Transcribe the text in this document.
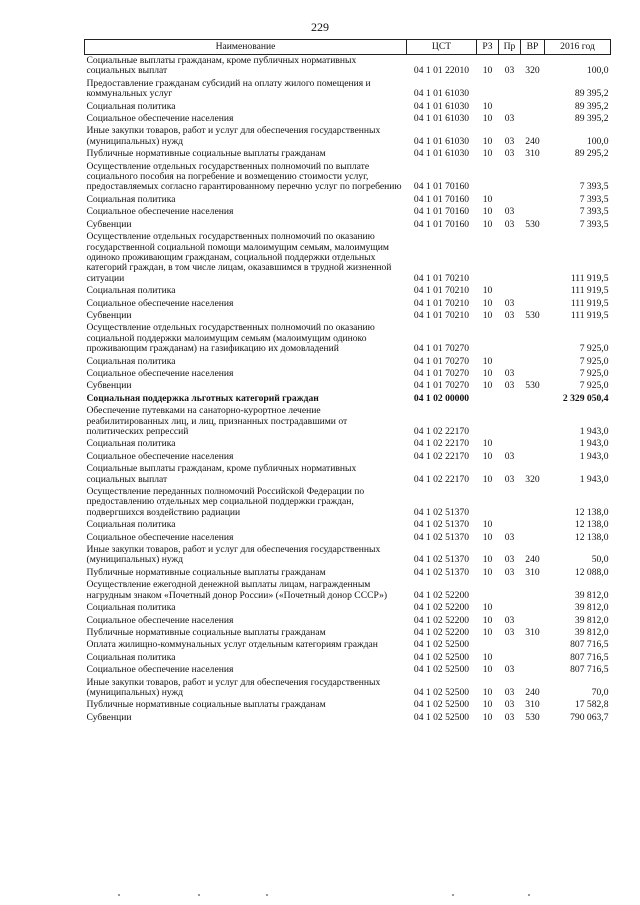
229
Наименование	ЦСТ	РЗ	Пр	ВР	2016 год
Социальные выплаты гражданам, кроме публичных нормативных социальных выплат	04 1 01 22010	10	03	320	100,0
Предоставление гражданам субсидий на оплату жилого помещения и коммунальных услуг	04 1 01 61030				89 395,2
Социальная политика	04 1 01 61030	10			89 395,2
Социальное обеспечение населения	04 1 01 61030	10	03		89 395,2
Иные закупки товаров, работ и услуг для обеспечения государственных (муниципальных) нужд	04 1 01 61030	10	03	240	100,0
Публичные нормативные социальные выплаты гражданам	04 1 01 61030	10	03	310	89 295,2
Осуществление отдельных государственных полномочий по выплате социального пособия на погребение и возмещению стоимости услуг, предоставляемых согласно гарантированному перечню услуг по погребению	04 1 01 70160				7 393,5
Социальная политика	04 1 01 70160	10			7 393,5
Социальное обеспечение населения	04 1 01 70160	10	03		7 393,5
Субвенции	04 1 01 70160	10	03	530	7 393,5
Осуществление отдельных государственных полномочий по оказанию государственной социальной помощи малоимущим семьям, малоимущим одиноко проживающим гражданам, социальной поддержки отдельных категорий граждан, в том числе лицам, оказавшимся в трудной жизненной ситуации	04 1 01 70210				111 919,5
Социальная политика	04 1 01 70210	10			111 919,5
Социальное обеспечение населения	04 1 01 70210	10	03		111 919,5
Субвенции	04 1 01 70210	10	03	530	111 919,5
Осуществление отдельных государственных полномочий по оказанию социальной поддержки малоимущим семьям (малоимущим одиноко проживающим гражданам) на газификацию их домовладений	04 1 01 70270				7 925,0
Социальная политика	04 1 01 70270	10			7 925,0
Социальное обеспечение населения	04 1 01 70270	10	03		7 925,0
Субвенции	04 1 01 70270	10	03	530	7 925,0
Социальная поддержка льготных категорий граждан	04 1 02 00000				2 329 050,4
Обеспечение путевками на санаторно-курортное лечение реабилитированных лиц, и лиц, признанных пострадавшими от политических репрессий	04 1 02 22170				1 943,0
Социальная политика	04 1 02 22170	10			1 943,0
Социальное обеспечение населения	04 1 02 22170	10	03		1 943,0
Социальные выплаты гражданам, кроме публичных нормативных социальных выплат	04 1 02 22170	10	03	320	1 943,0
Осуществление переданных полномочий Российской Федерации по предоставлению отдельных мер социальной поддержки граждан, подвергшихся воздействию радиации	04 1 02 51370				12 138,0
Социальная политика	04 1 02 51370	10			12 138,0
Социальное обеспечение населения	04 1 02 51370	10	03		12 138,0
Иные закупки товаров, работ и услуг для обеспечения государственных (муниципальных) нужд	04 1 02 51370	10	03	240	50,0
Публичные нормативные социальные выплаты гражданам	04 1 02 51370	10	03	310	12 088,0
Осуществление ежегодной денежной выплаты лицам, награжденным нагрудным знаком «Почетный донор России» («Почетный донор СССР»)	04 1 02 52200				39 812,0
Социальная политика	04 1 02 52200	10			39 812,0
Социальное обеспечение населения	04 1 02 52200	10	03		39 812,0
Публичные нормативные социальные выплаты гражданам	04 1 02 52200	10	03	310	39 812,0
Оплата жилищно-коммунальных услуг отдельным категориям граждан	04 1 02 52500				807 716,5
Социальная политика	04 1 02 52500	10			807 716,5
Социальное обеспечение населения	04 1 02 52500	10	03		807 716,5
Иные закупки товаров, работ и услуг для обеспечения государственных (муниципальных) нужд	04 1 02 52500	10	03	240	70,0
Публичные нормативные социальные выплаты гражданам	04 1 02 52500	10	03	310	17 582,8
Субвенции	04 1 02 52500	10	03	530	790 063,7
